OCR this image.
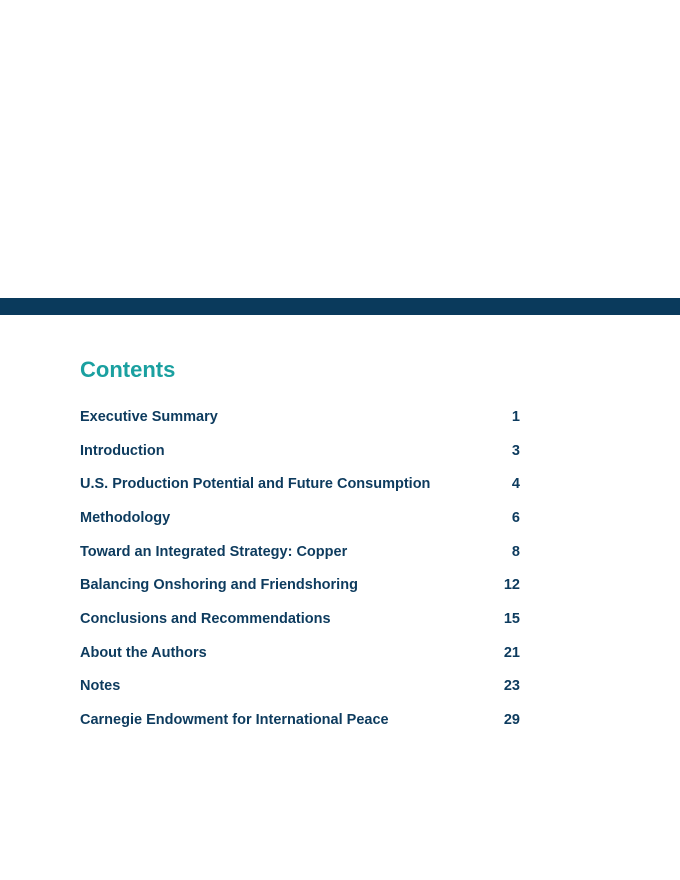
Contents
Executive Summary	1
Introduction	3
U.S. Production Potential and Future Consumption	4
Methodology	6
Toward an Integrated Strategy: Copper	8
Balancing Onshoring and Friendshoring	12
Conclusions and Recommendations	15
About the Authors	21
Notes	23
Carnegie Endowment for International Peace	29
